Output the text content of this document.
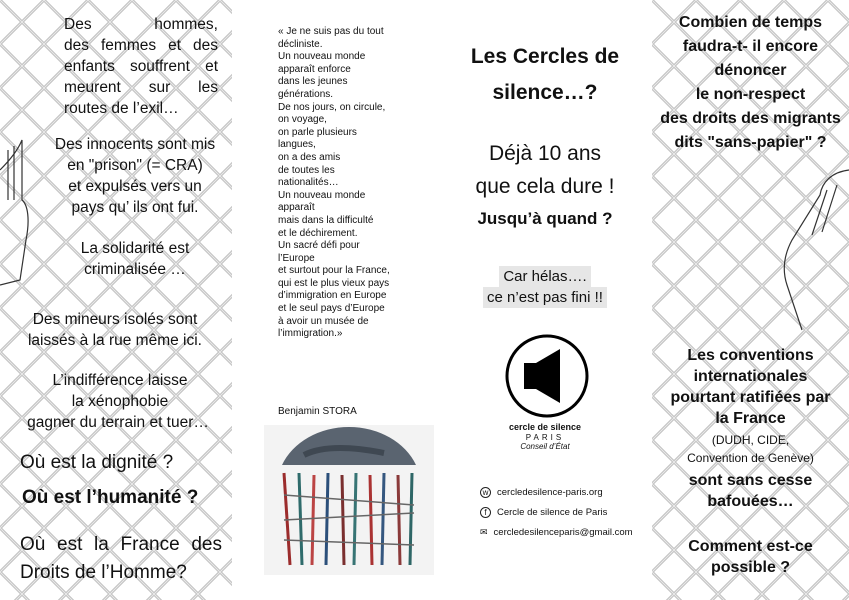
Des hommes,
des femmes et des
enfants souffrent et
meurent sur les
routes de l’exil…
Des innocents sont mis
en "prison" (= CRA)
et expulsés vers un
pays qu’ ils ont fui.
La solidarité est
criminalisée …
Des mineurs isolés sont
laissés à la rue même ici.
L’indifférence laisse
la xénophobie
gagner du terrain et tuer…
Où est la dignité ?
Où est l’humanité ?
Où est la France des
Droits de l’Homme?
« Je ne suis pas du tout
décliniste.
Un nouveau monde
apparaît enforce
dans les jeunes
générations.
De nos jours, on circule,
on voyage,
on parle plusieurs
langues,
on a des amis
de toutes les
nationalités…
Un nouveau monde
apparaît
mais dans la difficulté
et le déchirement.
Un sacré défi pour
l’Europe
et surtout pour la France,
qui est le plus vieux pays
d’immigration en Europe
et le seul pays d’Europe
à avoir un musée de
l’immigration.»
Benjamin STORA
Les Cercles de
silence…?
Déjà 10 ans
que cela dure !
Jusqu’à quand ?
Car hélas….
ce n’est pas fini !!
cercle de silence
PARIS
Conseil d’État
w cercledesilence-paris.org
f	Cercle de silence de Paris
✉ cercledesilenceparis@gmail.com
Combien de temps
faudra-t- il encore
dénoncer
le non-respect
des droits des migrants
dits "sans-papier" ?
Les conventions
internationales
pourtant ratifiées par
la France
(DUDH, CIDE,
Convention de Genève)
sont sans cesse
bafouées…
Comment est-ce
possible ?
